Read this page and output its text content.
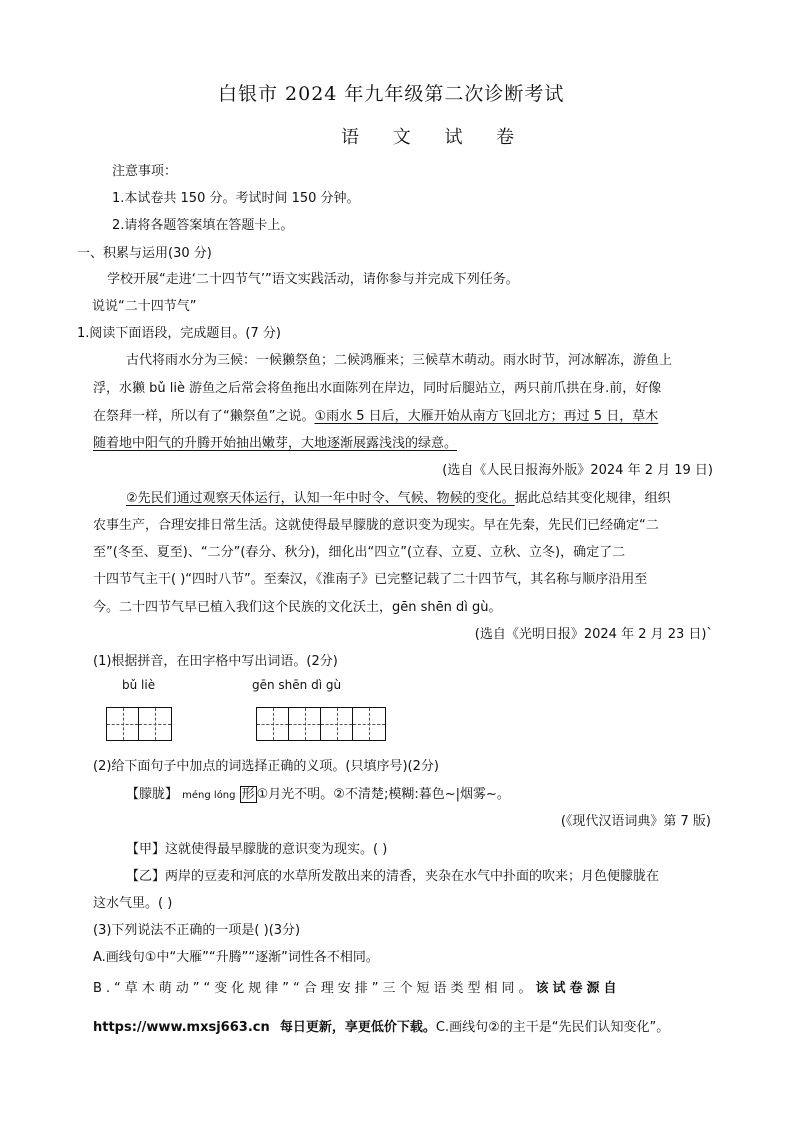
白银市 2024 年九年级第二次诊断考试
语 文 试 卷
注意事项：
1.本试卷共 150 分。考试时间 150 分钟。
2.请将各题答案填在答题卡上。
一、积累与运用(30 分)
学校开展“走进‘二十四节气’”语文实践活动，请你参与并完成下列任务。
说说“二十四节气”
1.阅读下面语段，完成题目。(7 分)
古代将雨水分为三候：一候獭祭鱼；二候鸿雁来；三候草木萌动。雨水时节，河冰解冻，游鱼上
浮，水獭 bǔ liè 游鱼之后常会将鱼拖出水面陈列在岸边，同时后腿站立，两只前爪拱在身.前，好像
在祭拜一样，所以有了“獭祭鱼”之说。①雨水 5 日后，大雁开始从南方飞回北方；再过 5 日，草木
随着地中阳气的升腾开始抽出嫩芽，大地逐渐展露浅浅的绿意。
(选自《人民日报海外版》2024 年 2 月 19 日)
②先民们通过观察天体运行，认知一年中时令、气候、物候的变化。据此总结其变化规律，组织
农事生产，合理安排日常生活。这就使得最早朦胧的意识变为现实。早在先秦，先民们已经确定“二
至”(冬至、夏至)、“二分”(春分、秋分)，细化出“四立”(立春、立夏、立秋、立冬)，确定了二
十四节气主干( )“四时八节”。至秦汉，《淮南子》已完整记载了二十四节气，其名称与顺序沿用至
今。二十四节气早已植入我们这个民族的文化沃土，gēn shēn dì gù。
(选自《光明日报》2024 年 2 月 23 日)`
(1)根据拼音，在田字格中写出词语。(2分)
bǔ liè	gēn shēn dì gù
(2)给下面句子中加点的词选择正确的义项。(只填序号)(2分)
【朦胧】 méng lóng 形 ①月光不明。②不清楚;模糊:暮色~|烟雾~。
(《现代汉语词典》第 7 版)
【甲】这就使得最早朦胧的意识变为现实。( )
【乙】两岸的豆麦和河底的水草所发散出来的清香，夹杂在水气中扑面的吹来；月色便朦胧在
这水气里。( )
(3)下列说法不正确的一项是( )(3分)
A.画线句①中“大雁”“升腾”“逐渐”词性各不相同。
B.“草木萌动”“变化规律”“合理安排”三个短语类型相同。该试卷源自
https://www.mxsj663.cn 每日更新，享更低价下载。C.画线句②的主干是“先民们认知变化”。
